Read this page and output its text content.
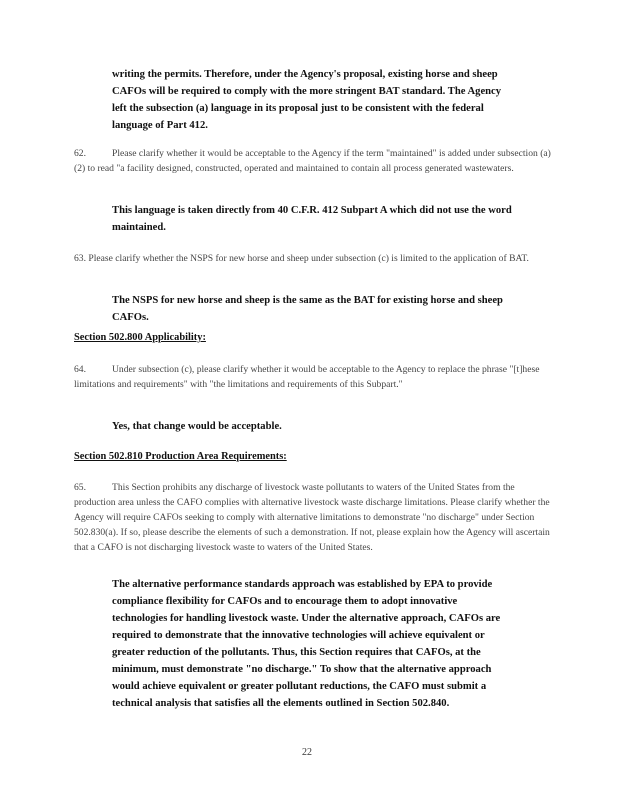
writing the permits. Therefore, under the Agency's proposal, existing horse and sheep CAFOs will be required to comply with the more stringent BAT standard. The Agency left the subsection (a) language in its proposal just to be consistent with the federal language of Part 412.

62.	Please clarify whether it would be acceptable to the Agency if the term "maintained" is added under subsection (a)(2) to read "a facility designed, constructed, operated and maintained to contain all process generated wastewaters.

This language is taken directly from 40 C.F.R. 412 Subpart A which did not use the word maintained.

63. Please clarify whether the NSPS for new horse and sheep under subsection (c) is limited to the application of BAT.

The NSPS for new horse and sheep is the same as the BAT for existing horse and sheep CAFOs.

Section 502.800 Applicability:

64.	Under subsection (c), please clarify whether it would be acceptable to the Agency to replace the phrase "[t]hese limitations and requirements" with "the limitations and requirements of this Subpart."

Yes, that change would be acceptable.

Section 502.810 Production Area Requirements:

65.	This Section prohibits any discharge of livestock waste pollutants to waters of the United States from the production area unless the CAFO complies with alternative livestock waste discharge limitations. Please clarify whether the Agency will require CAFOs seeking to comply with alternative limitations to demonstrate "no discharge" under Section 502.830(a). If so, please describe the elements of such a demonstration. If not, please explain how the Agency will ascertain that a CAFO is not discharging livestock waste to waters of the United States.

The alternative performance standards approach was established by EPA to provide compliance flexibility for CAFOs and to encourage them to adopt innovative technologies for handling livestock waste. Under the alternative approach, CAFOs are required to demonstrate that the innovative technologies will achieve equivalent or greater reduction of the pollutants. Thus, this Section requires that CAFOs, at the minimum, must demonstrate "no discharge." To show that the alternative approach would achieve equivalent or greater pollutant reductions, the CAFO must submit a technical analysis that satisfies all the elements outlined in Section 502.840.

22
